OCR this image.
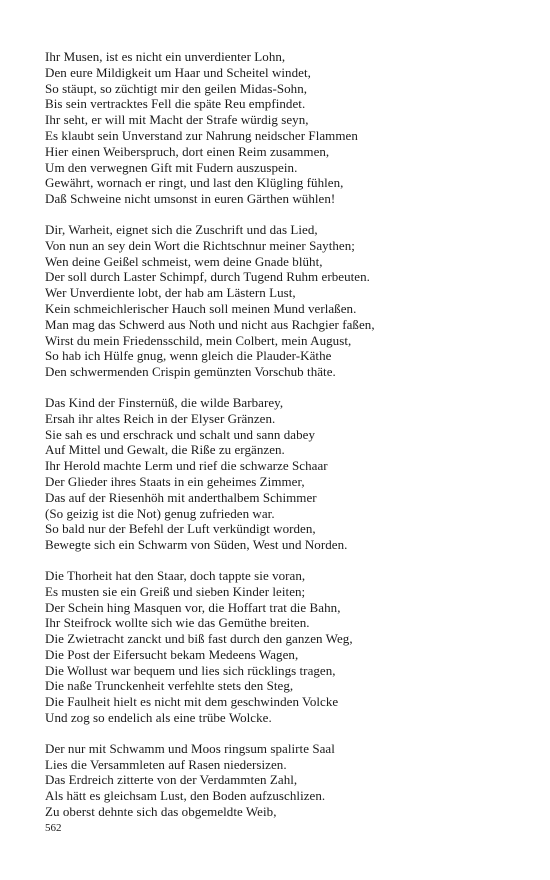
Ihr Musen, ist es nicht ein unverdienter Lohn,
Den eure Mildigkeit um Haar und Scheitel windet,
So stäupt, so züchtigt mir den geilen Midas-Sohn,
Bis sein vertracktes Fell die späte Reu empfindet.
Ihr seht, er will mit Macht der Strafe würdig seyn,
Es klaubt sein Unverstand zur Nahrung neidscher Flammen
Hier einen Weiberspruch, dort einen Reim zusammen,
Um den verwegnen Gift mit Fudern auszuspein.
Gewährt, wornach er ringt, und last den Klügling fühlen,
Daß Schweine nicht umsonst in euren Gärthen wühlen!
Dir, Warheit, eignet sich die Zuschrift und das Lied,
Von nun an sey dein Wort die Richtschnur meiner Saythen;
Wen deine Geißel schmeist, wem deine Gnade blüht,
Der soll durch Laster Schimpf, durch Tugend Ruhm erbeuten.
Wer Unverdiente lobt, der hab am Lästern Lust,
Kein schmeichlerischer Hauch soll meinen Mund verlaßen.
Man mag das Schwerd aus Noth und nicht aus Rachgier faßen,
Wirst du mein Friedensschild, mein Colbert, mein August,
So hab ich Hülfe gnug, wenn gleich die Plauder-Käthe
Den schwermenden Crispin gemünzten Vorschub thäte.
Das Kind der Finsternüß, die wilde Barbarey,
Ersah ihr altes Reich in der Elyser Gränzen.
Sie sah es und erschrack und schalt und sann dabey
Auf Mittel und Gewalt, die Riße zu ergänzen.
Ihr Herold machte Lerm und rief die schwarze Schaar
Der Glieder ihres Staats in ein geheimes Zimmer,
Das auf der Riesenhöh mit anderthalbem Schimmer
(So geizig ist die Not) genug zufrieden war.
So bald nur der Befehl der Luft verkündigt worden,
Bewegte sich ein Schwarm von Süden, West und Norden.
Die Thorheit hat den Staar, doch tappte sie voran,
Es musten sie ein Greiß und sieben Kinder leiten;
Der Schein hing Masquen vor, die Hoffart trat die Bahn,
Ihr Steifrock wollte sich wie das Gemüthe breiten.
Die Zwietracht zanckt und biß fast durch den ganzen Weg,
Die Post der Eifersucht bekam Medeens Wagen,
Die Wollust war bequem und lies sich rücklings tragen,
Die naße Trunckenheit verfehlte stets den Steg,
Die Faulheit hielt es nicht mit dem geschwinden Volcke
Und zog so endelich als eine trübe Wolcke.
Der nur mit Schwamm und Moos ringsum spalirte Saal
Lies die Versammleten auf Rasen niedersizen.
Das Erdreich zitterte von der Verdammten Zahl,
Als hätt es gleichsam Lust, den Boden aufzuschlizen.
Zu oberst dehnte sich das obgemeldte Weib,
562
